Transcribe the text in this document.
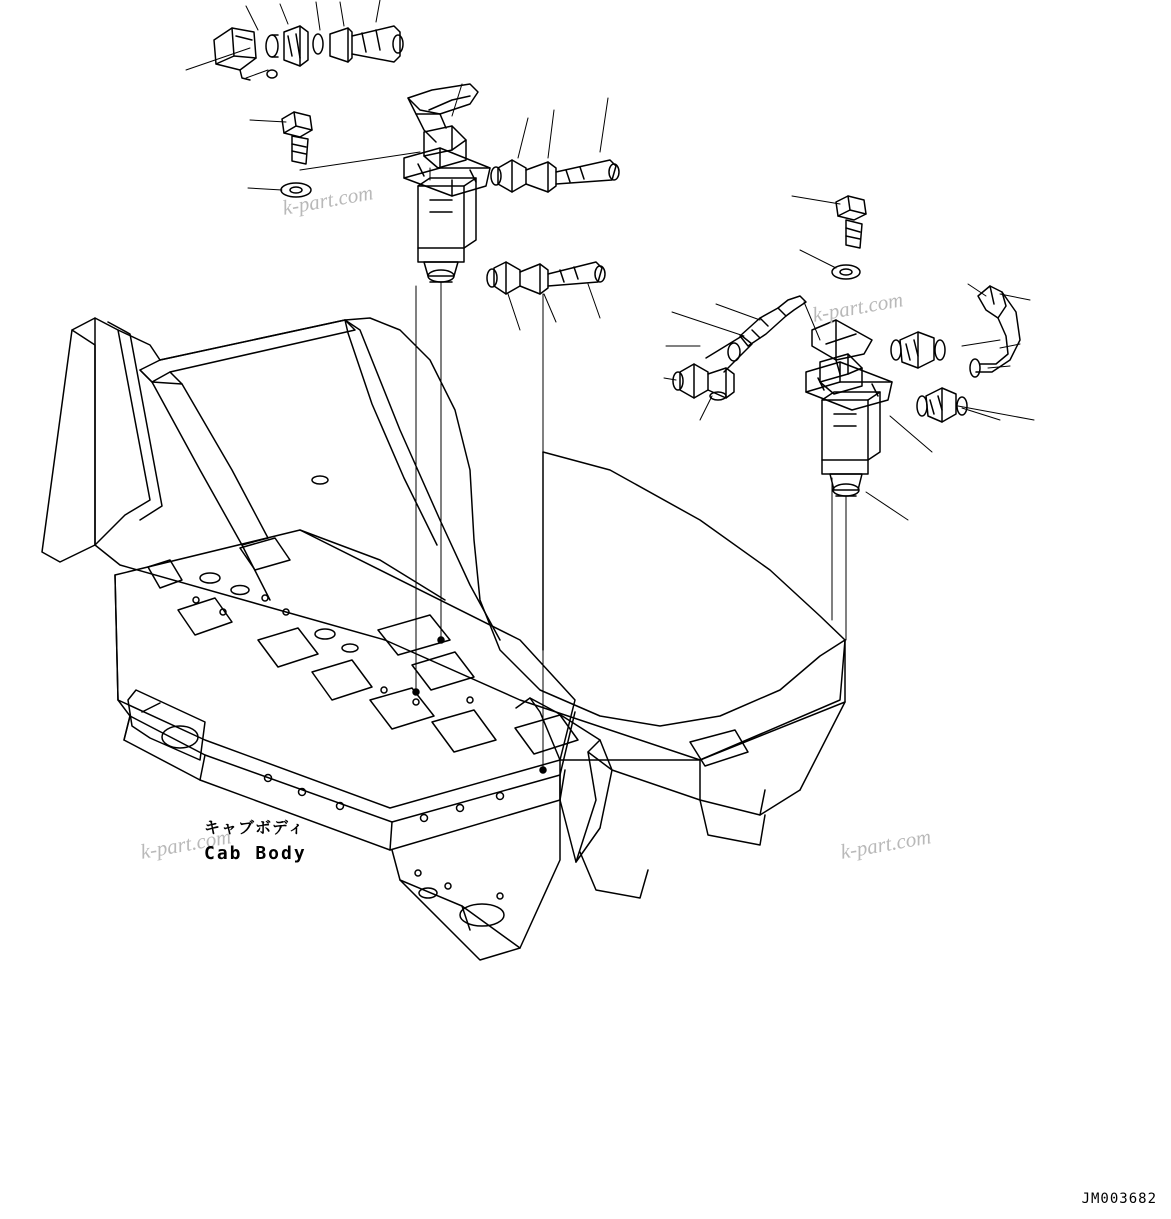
k-part.com
k-part.com
k-part.com	k-part.com
キャブボディ
Cab Body
JM003682
